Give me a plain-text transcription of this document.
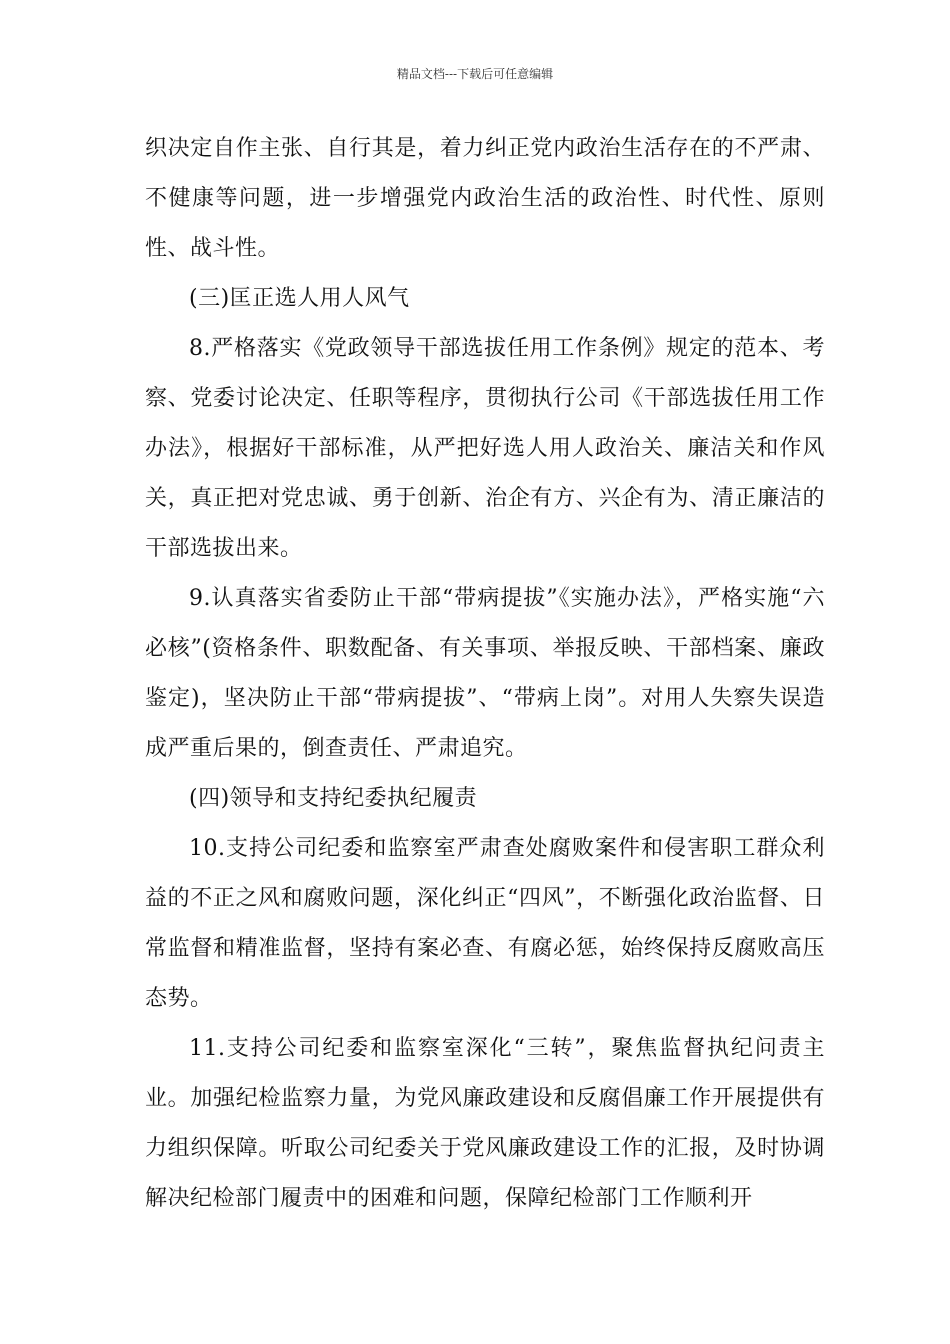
精品文档---下载后可任意编辑

织决定自作主张、自行其是，着力纠正党内政治生活存在的不严肃、不健康等问题，进一步增强党内政治生活的政治性、时代性、原则性、战斗性。

(三)匡正选人用人风气

8.严格落实《党政领导干部选拔任用工作条例》规定的范本、考察、党委讨论决定、任职等程序，贯彻执行公司《干部选拔任用工作办法》，根据好干部标准，从严把好选人用人政治关、廉洁关和作风关，真正把对党忠诚、勇于创新、治企有方、兴企有为、清正廉洁的干部选拔出来。

9.认真落实省委防止干部“带病提拔”《实施办法》，严格实施“六必核”(资格条件、职数配备、有关事项、举报反映、干部档案、廉政鉴定)，坚决防止干部“带病提拔”、“带病上岗”。对用人失察失误造成严重后果的，倒查责任、严肃追究。

(四)领导和支持纪委执纪履责

10.支持公司纪委和监察室严肃查处腐败案件和侵害职工群众利益的不正之风和腐败问题，深化纠正“四风”，不断强化政治监督、日常监督和精准监督，坚持有案必查、有腐必惩，始终保持反腐败高压态势。

11.支持公司纪委和监察室深化“三转”，聚焦监督执纪问责主业。加强纪检监察力量，为党风廉政建设和反腐倡廉工作开展提供有力组织保障。听取公司纪委关于党风廉政建设工作的汇报，及时协调解决纪检部门履责中的困难和问题，保障纪检部门工作顺利开
